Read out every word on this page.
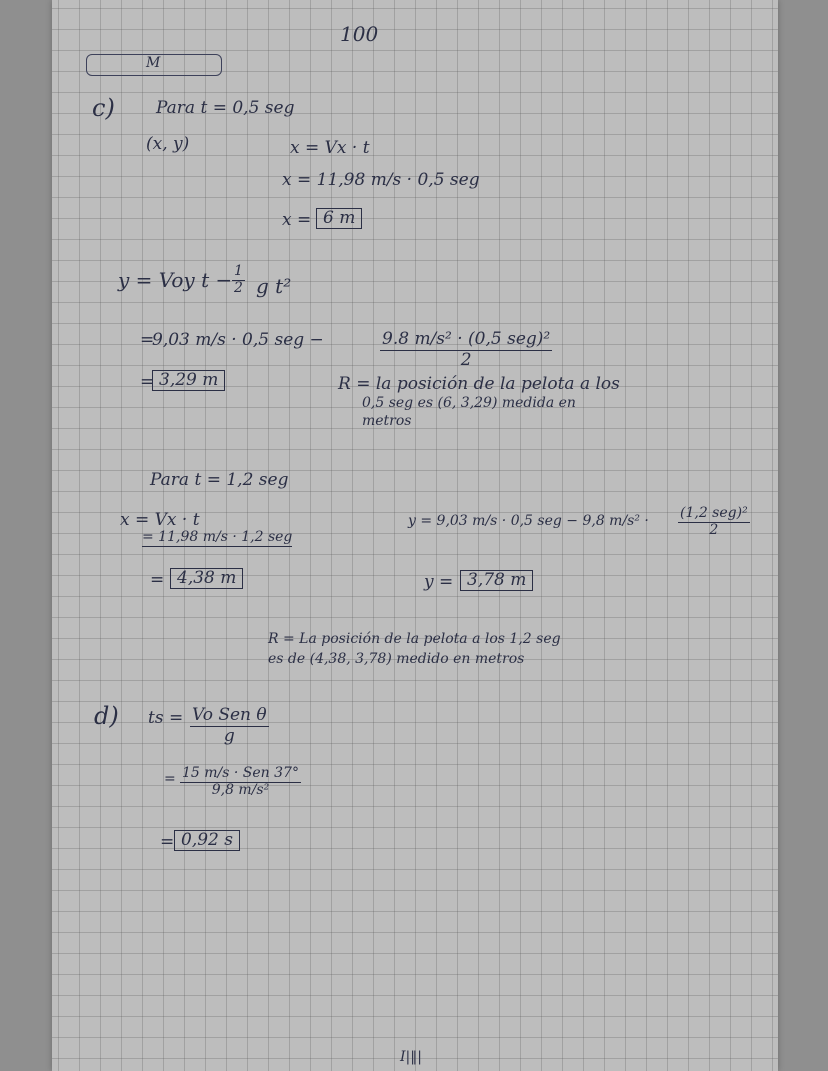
M
100
c) Para t = 0,5 seg
(x, y)	x = Vx · t
x = 11,98 m/s · 0,5 seg
x = 6 m
y = Voy $t - \frac{1}{2}$ g t²
=
9,03 m/s · 0,5 seg −	9.8 m/s² · (0,5 seg)²
2
= 3,29 m	R = la posición de la pelota a los
0,5 seg es (6, 3,29) medida en
metros
Para t = 1,2 seg
x = Vx · t
= 11,98 m/s · 1,2 seg
= 4,38 m
y = 9,03 m/s · 0,5 seg − 9,8 m/s² · (1,2 seg)²
2
y = 3,78 m
R = La posición de la pelota a los 1,2 seg
es de (4,38, 3,78) medido en metros
d) ts = Vo Sen θ
g
= 15 m/s · Sen 37°
9,8 m/s²
= 0,92 s
Ⅰ|‖|
